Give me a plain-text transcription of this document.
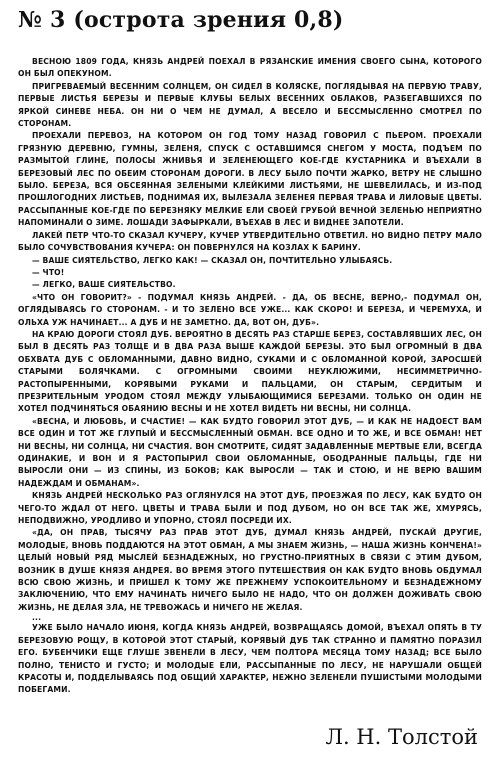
№ 3 (острота зрения 0,8)

ВЕСНОЮ 1809 ГОДА, КНЯЗЬ АНДРЕЙ ПОЕХАЛ В РЯЗАНСКИЕ ИМЕНИЯ СВОЕГО СЫНА, КОТОРОГО ОН БЫЛ ОПЕКУНОМ.

ПРИГРЕВАЕМЫЙ ВЕСЕННИМ СОЛНЦЕМ, ОН СИДЕЛ В КОЛЯСКЕ, ПОГЛЯДЫВАЯ НА ПЕРВУЮ ТРАВУ, ПЕРВЫЕ ЛИСТЬЯ БЕРЕЗЫ И ПЕРВЫЕ КЛУБЫ БЕЛЫХ ВЕСЕННИХ ОБЛАКОВ, РАЗБЕГАВШИХСЯ ПО ЯРКОЙ СИНЕВЕ НЕБА. ОН НИ О ЧЕМ НЕ ДУМАЛ, А ВЕСЕЛО И БЕССМЫСЛЕННО СМОТРЕЛ ПО СТОРОНАМ.

ПРОЕХАЛИ ПЕРЕВОЗ, НА КОТОРОМ ОН ГОД ТОМУ НАЗАД ГОВОРИЛ С ПЬЕРОМ. ПРОЕХАЛИ ГРЯЗНУЮ ДЕРЕВНЮ, ГУМНЫ, ЗЕЛЕНЯ, СПУСК С ОСТАВШИМСЯ СНЕГОМ У МОСТА, ПОДЪЕМ ПО РАЗМЫТОЙ ГЛИНЕ, ПОЛОСЫ ЖНИВЬЯ И ЗЕЛЕНЕЮЩЕГО КОЕ-ГДЕ КУСТАРНИКА И ВЪЕХАЛИ В БЕРЕЗОВЫЙ ЛЕС ПО ОБЕИМ СТОРОНАМ ДОРОГИ. В ЛЕСУ БЫЛО ПОЧТИ ЖАРКО, ВЕТРУ НЕ СЛЫШНО БЫЛО. БЕРЕЗА, ВСЯ ОБСЕЯННАЯ ЗЕЛЕНЫМИ КЛЕЙКИМИ ЛИСТЬЯМИ, НЕ ШЕВЕЛИЛАСЬ, И ИЗ-ПОД ПРОШЛОГОДНИХ ЛИСТЬЕВ, ПОДНИМАЯ ИХ, ВЫЛЕЗАЛА ЗЕЛЕНЕЯ ПЕРВАЯ ТРАВА И ЛИЛОВЫЕ ЦВЕТЫ. РАССЫПАННЫЕ КОЕ-ГДЕ ПО БЕРЕЗНЯКУ МЕЛКИЕ ЕЛИ СВОЕЙ ГРУБОЙ ВЕЧНОЙ ЗЕЛЕНЬЮ НЕПРИЯТНО НАПОМИНАЛИ О ЗИМЕ. ЛОШАДИ ЗАФЫРКАЛИ, ВЪЕХАВ В ЛЕС И ВИДНЕЕ ЗАПОТЕЛИ.

ЛАКЕЙ ПЕТР ЧТО-ТО СКАЗАЛ КУЧЕРУ, КУЧЕР УТВЕРДИТЕЛЬНО ОТВЕТИЛ. НО ВИДНО ПЕТРУ МАЛО БЫЛО СОЧУВСТВОВАНИЯ КУЧЕРА: ОН ПОВЕРНУЛСЯ НА КОЗЛАХ К БАРИНУ.

— ВАШЕ СИЯТЕЛЬСТВО, ЛЕГКО КАК! — СКАЗАЛ ОН, ПОЧТИТЕЛЬНО УЛЫБАЯСЬ.

— ЧТО!

— ЛЕГКО, ВАШЕ СИЯТЕЛЬСТВО.

«ЧТО ОН ГОВОРИТ?» - ПОДУМАЛ КНЯЗЬ АНДРЕЙ. - ДА, ОБ ВЕСНЕ, ВЕРНО,- ПОДУМАЛ ОН, ОГЛЯДЫВАЯСЬ ГО СТОРОНАМ. - И ТО ЗЕЛЕНО ВСЕ УЖЕ... КАК СКОРО! И БЕРЕЗА, И ЧЕРЕМУХА, И ОЛЬХА УЖ НАЧИНАЕТ... А ДУБ И НЕ ЗАМЕТНО. ДА, ВОТ ОН, ДУБ».

НА КРАЮ ДОРОГИ СТОЯЛ ДУБ. ВЕРОЯТНО В ДЕСЯТЬ РАЗ СТАРШЕ БЕРЕЗ, СОСТАВЛЯВШИХ ЛЕС, ОН БЫЛ В ДЕСЯТЬ РАЗ ТОЛЩЕ И В ДВА РАЗА ВЫШЕ КАЖДОЙ БЕРЕЗЫ. ЭТО БЫЛ ОГРОМНЫЙ В ДВА ОБХВАТА ДУБ С ОБЛОМАННЫМИ, ДАВНО ВИДНО, СУКАМИ И С ОБЛОМАННОЙ КОРОЙ, ЗАРОСШЕЙ СТАРЫМИ БОЛЯЧКАМИ. С ОГРОМНЫМИ СВОИМИ НЕУКЛЮЖИМИ, НЕСИММЕТРИЧНО-РАСТОПЫРЕННЫМИ, КОРЯВЫМИ РУКАМИ И ПАЛЬЦАМИ, ОН СТАРЫМ, СЕРДИТЫМ И ПРЕЗРИТЕЛЬНЫМ УРОДОМ СТОЯЛ МЕЖДУ УЛЫБАЮЩИМИСЯ БЕРЕЗАМИ. ТОЛЬКО ОН ОДИН НЕ ХОТЕЛ ПОДЧИНЯТЬСЯ ОБАЯНИЮ ВЕСНЫ И НЕ ХОТЕЛ ВИДЕТЬ НИ ВЕСНЫ, НИ СОЛНЦА.

«ВЕСНА, И ЛЮБОВЬ, И СЧАСТИЕ! — КАК БУДТО ГОВОРИЛ ЭТОТ ДУБ, — И КАК НЕ НАДОЕСТ ВАМ ВСЕ ОДИН И ТОТ ЖЕ ГЛУПЫЙ И БЕССМЫСЛЕННЫЙ ОБМАН. ВСЕ ОДНО И ТО ЖЕ, И ВСЕ ОБМАН! НЕТ НИ ВЕСНЫ, НИ СОЛНЦА, НИ СЧАСТИЯ. ВОН СМОТРИТЕ, СИДЯТ ЗАДАВЛЕННЫЕ МЕРТВЫЕ ЕЛИ, ВСЕГДА ОДИНАКИЕ, И ВОН И Я РАСТОПЫРИЛ СВОИ ОБЛОМАННЫЕ, ОБОДРАННЫЕ ПАЛЬЦЫ, ГДЕ НИ ВЫРОСЛИ ОНИ — ИЗ СПИНЫ, ИЗ БОКОВ; КАК ВЫРОСЛИ — ТАК И СТОЮ, И НЕ ВЕРЮ ВАШИМ НАДЕЖДАМ И ОБМАНАМ».

КНЯЗЬ АНДРЕЙ НЕСКОЛЬКО РАЗ ОГЛЯНУЛСЯ НА ЭТОТ ДУБ, ПРОЕЗЖАЯ ПО ЛЕСУ, КАК БУДТО ОН ЧЕГО-ТО ЖДАЛ ОТ НЕГО. ЦВЕТЫ И ТРАВА БЫЛИ И ПОД ДУБОМ, НО ОН ВСЕ ТАК ЖЕ, ХМУРЯСЬ, НЕПОДВИЖНО, УРОДЛИВО И УПОРНО, СТОЯЛ ПОСРЕДИ ИХ.

«ДА, ОН ПРАВ, ТЫСЯЧУ РАЗ ПРАВ ЭТОТ ДУБ, ДУМАЛ КНЯЗЬ АНДРЕЙ, ПУСКАЙ ДРУГИЕ, МОЛОДЫЕ, ВНОВЬ ПОДДАЮТСЯ НА ЭТОТ ОБМАН, А МЫ ЗНАЕМ ЖИЗНЬ, — НАША ЖИЗНЬ КОНЧЕНА!» ЦЕЛЫЙ НОВЫЙ РЯД МЫСЛЕЙ БЕЗНАДЕЖНЫХ, НО ГРУСТНО-ПРИЯТНЫХ В СВЯЗИ С ЭТИМ ДУБОМ, ВОЗНИК В ДУШЕ КНЯЗЯ АНДРЕЯ. ВО ВРЕМЯ ЭТОГО ПУТЕШЕСТВИЯ ОН КАК БУДТО ВНОВЬ ОБДУМАЛ ВСЮ СВОЮ ЖИЗНЬ, И ПРИШЕЛ К ТОМУ ЖЕ ПРЕЖНЕМУ УСПОКОИТЕЛЬНОМУ И БЕЗНАДЕЖНОМУ ЗАКЛЮЧЕНИЮ, ЧТО ЕМУ НАЧИНАТЬ НИЧЕГО БЫЛО НЕ НАДО, ЧТО ОН ДОЛЖЕН ДОЖИВАТЬ СВОЮ ЖИЗНЬ, НЕ ДЕЛАЯ ЗЛА, НЕ ТРЕВОЖАСЬ И НИЧЕГО НЕ ЖЕЛАЯ.

...

УЖЕ БЫЛО НАЧАЛО ИЮНЯ, КОГДА КНЯЗЬ АНДРЕЙ, ВОЗВРАЩАЯСЬ ДОМОЙ, ВЪЕХАЛ ОПЯТЬ В ТУ БЕРЕЗОВУЮ РОЩУ, В КОТОРОЙ ЭТОТ СТАРЫЙ, КОРЯВЫЙ ДУБ ТАК СТРАННО И ПАМЯТНО ПОРАЗИЛ ЕГО. БУБЕНЧИКИ ЕЩЕ ГЛУШЕ ЗВЕНЕЛИ В ЛЕСУ, ЧЕМ ПОЛТОРА МЕСЯЦА ТОМУ НАЗАД; ВСЕ БЫЛО ПОЛНО, ТЕНИСТО И ГУСТО; И МОЛОДЫЕ ЕЛИ, РАССЫПАННЫЕ ПО ЛЕСУ, НЕ НАРУШАЛИ ОБЩЕЙ КРАСОТЫ И, ПОДДЕЛЫВАЯСЬ ПОД ОБЩИЙ ХАРАКТЕР, НЕЖНО ЗЕЛЕНЕЛИ ПУШИСТЫМИ МОЛОДЫМИ ПОБЕГАМИ.

Л. Н. Толстой
